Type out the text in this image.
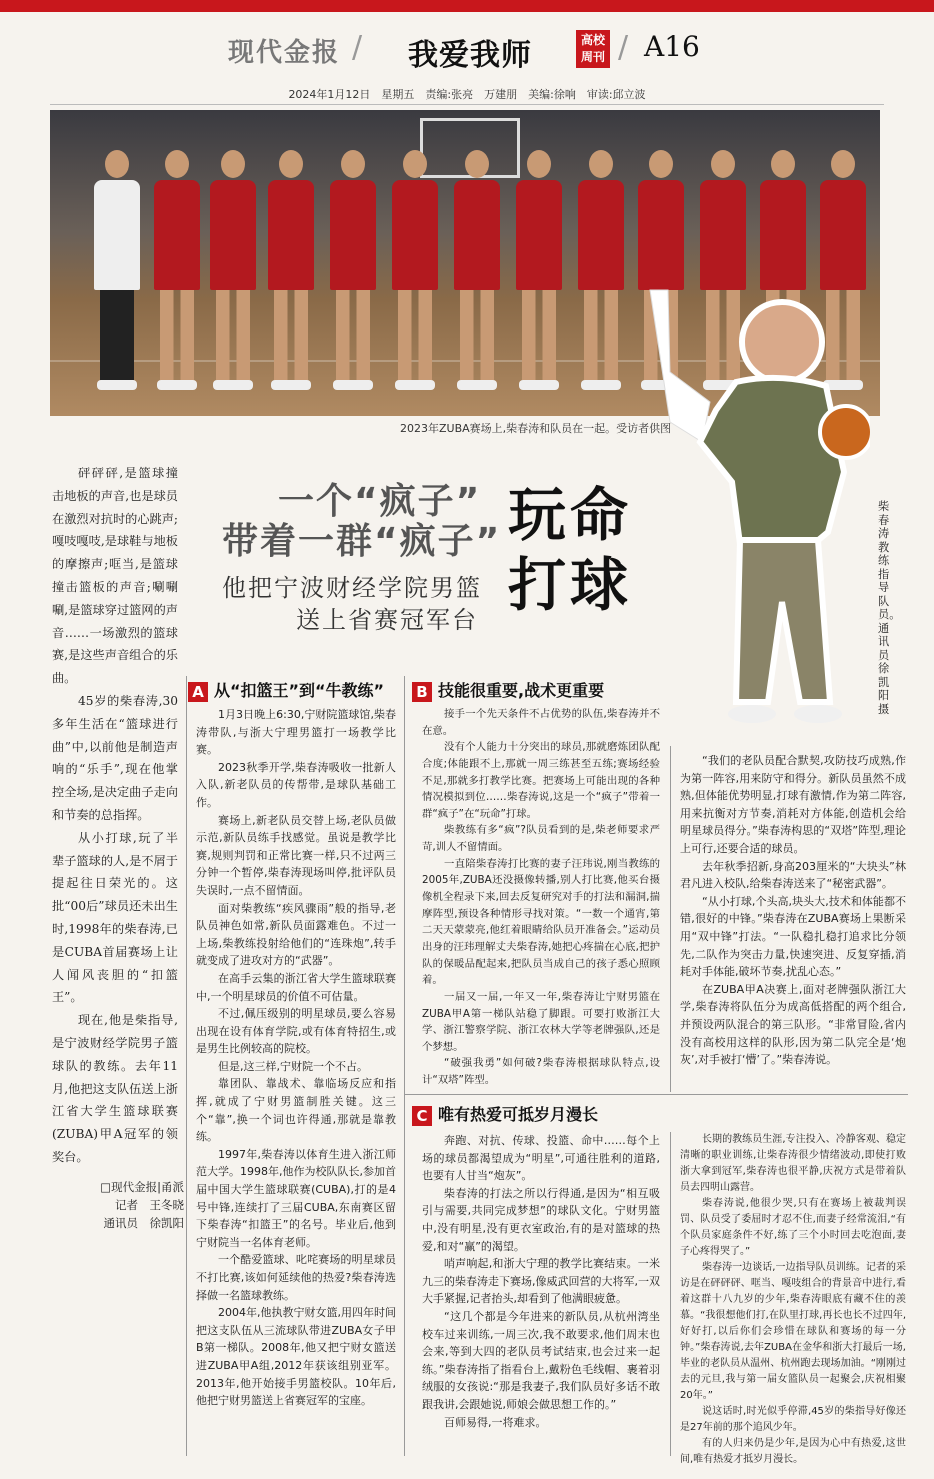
现代金报 / 我爱我师	高校
周刊 / A16
2024年1月12日　星期五　责编:张亮　万建朋　美编:徐响　审读:邱立波
2023年ZUBA赛场上,柴春涛和队员在一起。受访者供图

砰砰砰,是篮球撞击地板的声音,也是球员在激烈对抗时的心跳声;嘎吱嘎吱,是球鞋与地板的摩擦声;哐当,是篮球撞击篮板的声音;唰唰唰,是篮球穿过篮网的声音……一场激烈的篮球赛,是这些声音组合的乐曲。

45岁的柴春涛,30多年生活在“篮球进行曲”中,以前他是制造声响的“乐手”,现在他掌控全场,是决定曲子走向和节奏的总指挥。

从小打球,玩了半辈子篮球的人,是不屑于提起往日荣光的。这批“00后”球员还未出生时,1998年的柴春涛,已是CUBA首届赛场上让人闻风丧胆的“扣篮王”。

现在,他是柴指导,是宁波财经学院男子篮球队的教练。去年11月,他把这支队伍送上浙江省大学生篮球联赛(ZUBA)甲A冠军的领奖台。

□现代金报|甬派
记者　王冬晓
通讯员　徐凯阳
一个“疯子”
带着一群“疯子” 玩命打球
他把宁波财经学院男篮
送上省赛冠军台
柴春涛教练指导队员。通讯员　徐凯阳　摄
A 从“扣篮王”到“牛教练”

1月3日晚上6:30,宁财院篮球馆,柴春涛带队,与浙大宁理男篮打一场教学比赛。

2023秋季开学,柴春涛吸收一批新人入队,新老队员的传帮带,是球队基础工作。

赛场上,新老队员交替上场,老队员做示范,新队员练手找感觉。虽说是教学比赛,规则判罚和正常比赛一样,只不过两三分钟一个暂停,柴春涛现场叫停,批评队员失误时,一点不留情面。

面对柴教练“疾风骤雨”般的指导,老队员神色如常,新队员面露难色。不过一上场,柴教练投射给他们的“连珠炮”,转手就变成了进攻对方的“武器”。

在高手云集的浙江省大学生篮球联赛中,一个明星球员的价值不可估量。

不过,佩压级别的明星球员,要么容易出现在设有体育学院,或有体育特招生,或是男生比例较高的院校。

但是,这三样,宁财院一个不占。

靠团队、靠战术、靠临场反应和指挥,就成了宁财男篮制胜关键。这三个“靠”,换一个词也许得通,那就是靠教练。

1997年,柴春涛以体育生进入浙江师范大学。1998年,他作为校队队长,参加首届中国大学生篮球联赛(CUBA),打的是4号中锋,连续打了三届CUBA,东南赛区留下柴春涛“扣篮王”的名号。毕业后,他到宁财院当一名体育老师。

一个酷爱篮球、叱咤赛场的明星球员不打比赛,该如何延续他的热爱?柴春涛选择做一名篮球教练。

2004年,他执教宁财女篮,用四年时间把这支队伍从三流球队带进ZUBA女子甲B第一梯队。2008年,他又把宁财女篮送进ZUBA甲A组,2012年获该组别亚军。2013年,他开始接手男篮校队。10年后,他把宁财男篮送上省赛冠军的宝座。

B 技能很重要,战术更重要

接手一个先天条件不占优势的队伍,柴春涛并不在意。

没有个人能力十分突出的球员,那就磨炼团队配合度;体能跟不上,那就一周三练甚至五练;赛场经验不足,那就多打教学比赛。把赛场上可能出现的各种情况模拟到位……柴春涛说,这是一个“疯子”带着一群“疯子”在“玩命”打球。

柴教练有多“疯”?队员看到的是,柴老师要求严苛,训人不留情面。

一直陪柴春涛打比赛的妻子汪玮说,刚当教练的2005年,ZUBA还没摄像转播,别人打比赛,他买台摄像机全程录下来,回去反复研究对手的打法和漏洞,揣摩阵型,预设各种情形寻找对策。“一数一个通宵,第二天天蒙蒙亮,他红着眼睛给队员开准备会。”运动员出身的汪玮理解丈夫柴春涛,她把心疼揣在心底,把护队的保暖品配起来,把队员当成自己的孩子悉心照顾着。

一届又一届,一年又一年,柴春涛让宁财男篮在ZUBA甲A第一梯队站稳了脚跟。可要打败浙江大学、浙江警察学院、浙江农林大学等老牌强队,还是个梦想。

“破强我勇”如何破?柴春涛根据球队特点,设计“双塔”阵型。

“我们的老队员配合默契,攻防技巧成熟,作为第一阵容,用来防守和得分。新队员虽然不成熟,但体能优势明显,打球有激情,作为第二阵容,用来抗衡对方节奏,消耗对方体能,创造机会给明星球员得分。”柴春涛构思的“双塔”阵型,理论上可行,还要合适的球员。

去年秋季招新,身高203厘米的“大块头”林君凡进入校队,给柴春涛送来了“秘密武器”。

“从小打球,个头高,块头大,技术和体能都不错,很好的中锋。”柴春涛在ZUBA赛场上果断采用“双中锋”打法。“一队稳扎稳打追求比分领先,二队作为突击力量,快速突进、反复穿插,消耗对手体能,破坏节奏,扰乱心态。”

在ZUBA甲A决赛上,面对老牌强队浙江大学,柴春涛将队伍分为成高低搭配的两个组合,并预设两队混合的第三队形。“非常冒险,省内没有高校用这样的队形,因为第二队完全是‘炮灰’,对手被打‘懵’了。”柴春涛说。

C 唯有热爱可抵岁月漫长

奔跑、对抗、传球、投篮、命中……每个上场的球员都渴望成为“明星”,可通往胜利的道路,也要有人甘当“炮灰”。

柴春涛的打法之所以行得通,是因为“相互吸引与需要,共同完成梦想”的球队文化。宁财男篮中,没有明星,没有更衣室政治,有的是对篮球的热爱,和对“赢”的渴望。

哨声响起,和浙大宁理的教学比赛结束。一米九三的柴春涛走下赛场,像威武回营的大将军,一双大手紧握,记者抬头,却看到了他满眼疲惫。

“这几个都是今年进来的新队员,从杭州湾坐校车过来训练,一周三次,我不敢要求,他们周末也会来,等到大四的老队员考试结束,也会过来一起练。”柴春涛指了指看台上,戴粉色毛线帽、裹着羽绒服的女孩说:“那是我妻子,我们队员好多话不敢跟我讲,会跟她说,师娘会做思想工作的。”

百师易得,一将难求。

长期的教练员生涯,专注投入、冷静客观、稳定清晰的职业训练,让柴春涛很少情绪波动,即使打败浙大拿到冠军,柴春涛也很平静,庆祝方式是带着队员去四明山露营。

柴春涛说,他很少哭,只有在赛场上被裁判误罚、队员受了委屈时才忍不住,而妻子经常流泪,“有个队员家庭条件不好,练了三个小时回去吃泡面,妻子心疼得哭了。”

柴春涛一边谈话,一边指导队员训练。记者的采访是在砰砰砰、哐当、嘎吱组合的背景音中进行,看着这群十八九岁的少年,柴春涛眼底有藏不住的羡慕。“我很想他们打,在队里打球,再长也长不过四年,好好打,以后你们会珍惜在球队和赛场的每一分钟。”柴春涛说,去年ZUBA在金华和浙大打最后一场,毕业的老队员从温州、杭州跑去现场加油。“刚刚过去的元旦,我与第一届女篮队员一起聚会,庆祝相聚20年。”

说这话时,时光似乎停滞,45岁的柴指导好像还是27年前的那个追风少年。

有的人归来仍是少年,是因为心中有热爱,这世间,唯有热爱才抵岁月漫长。
